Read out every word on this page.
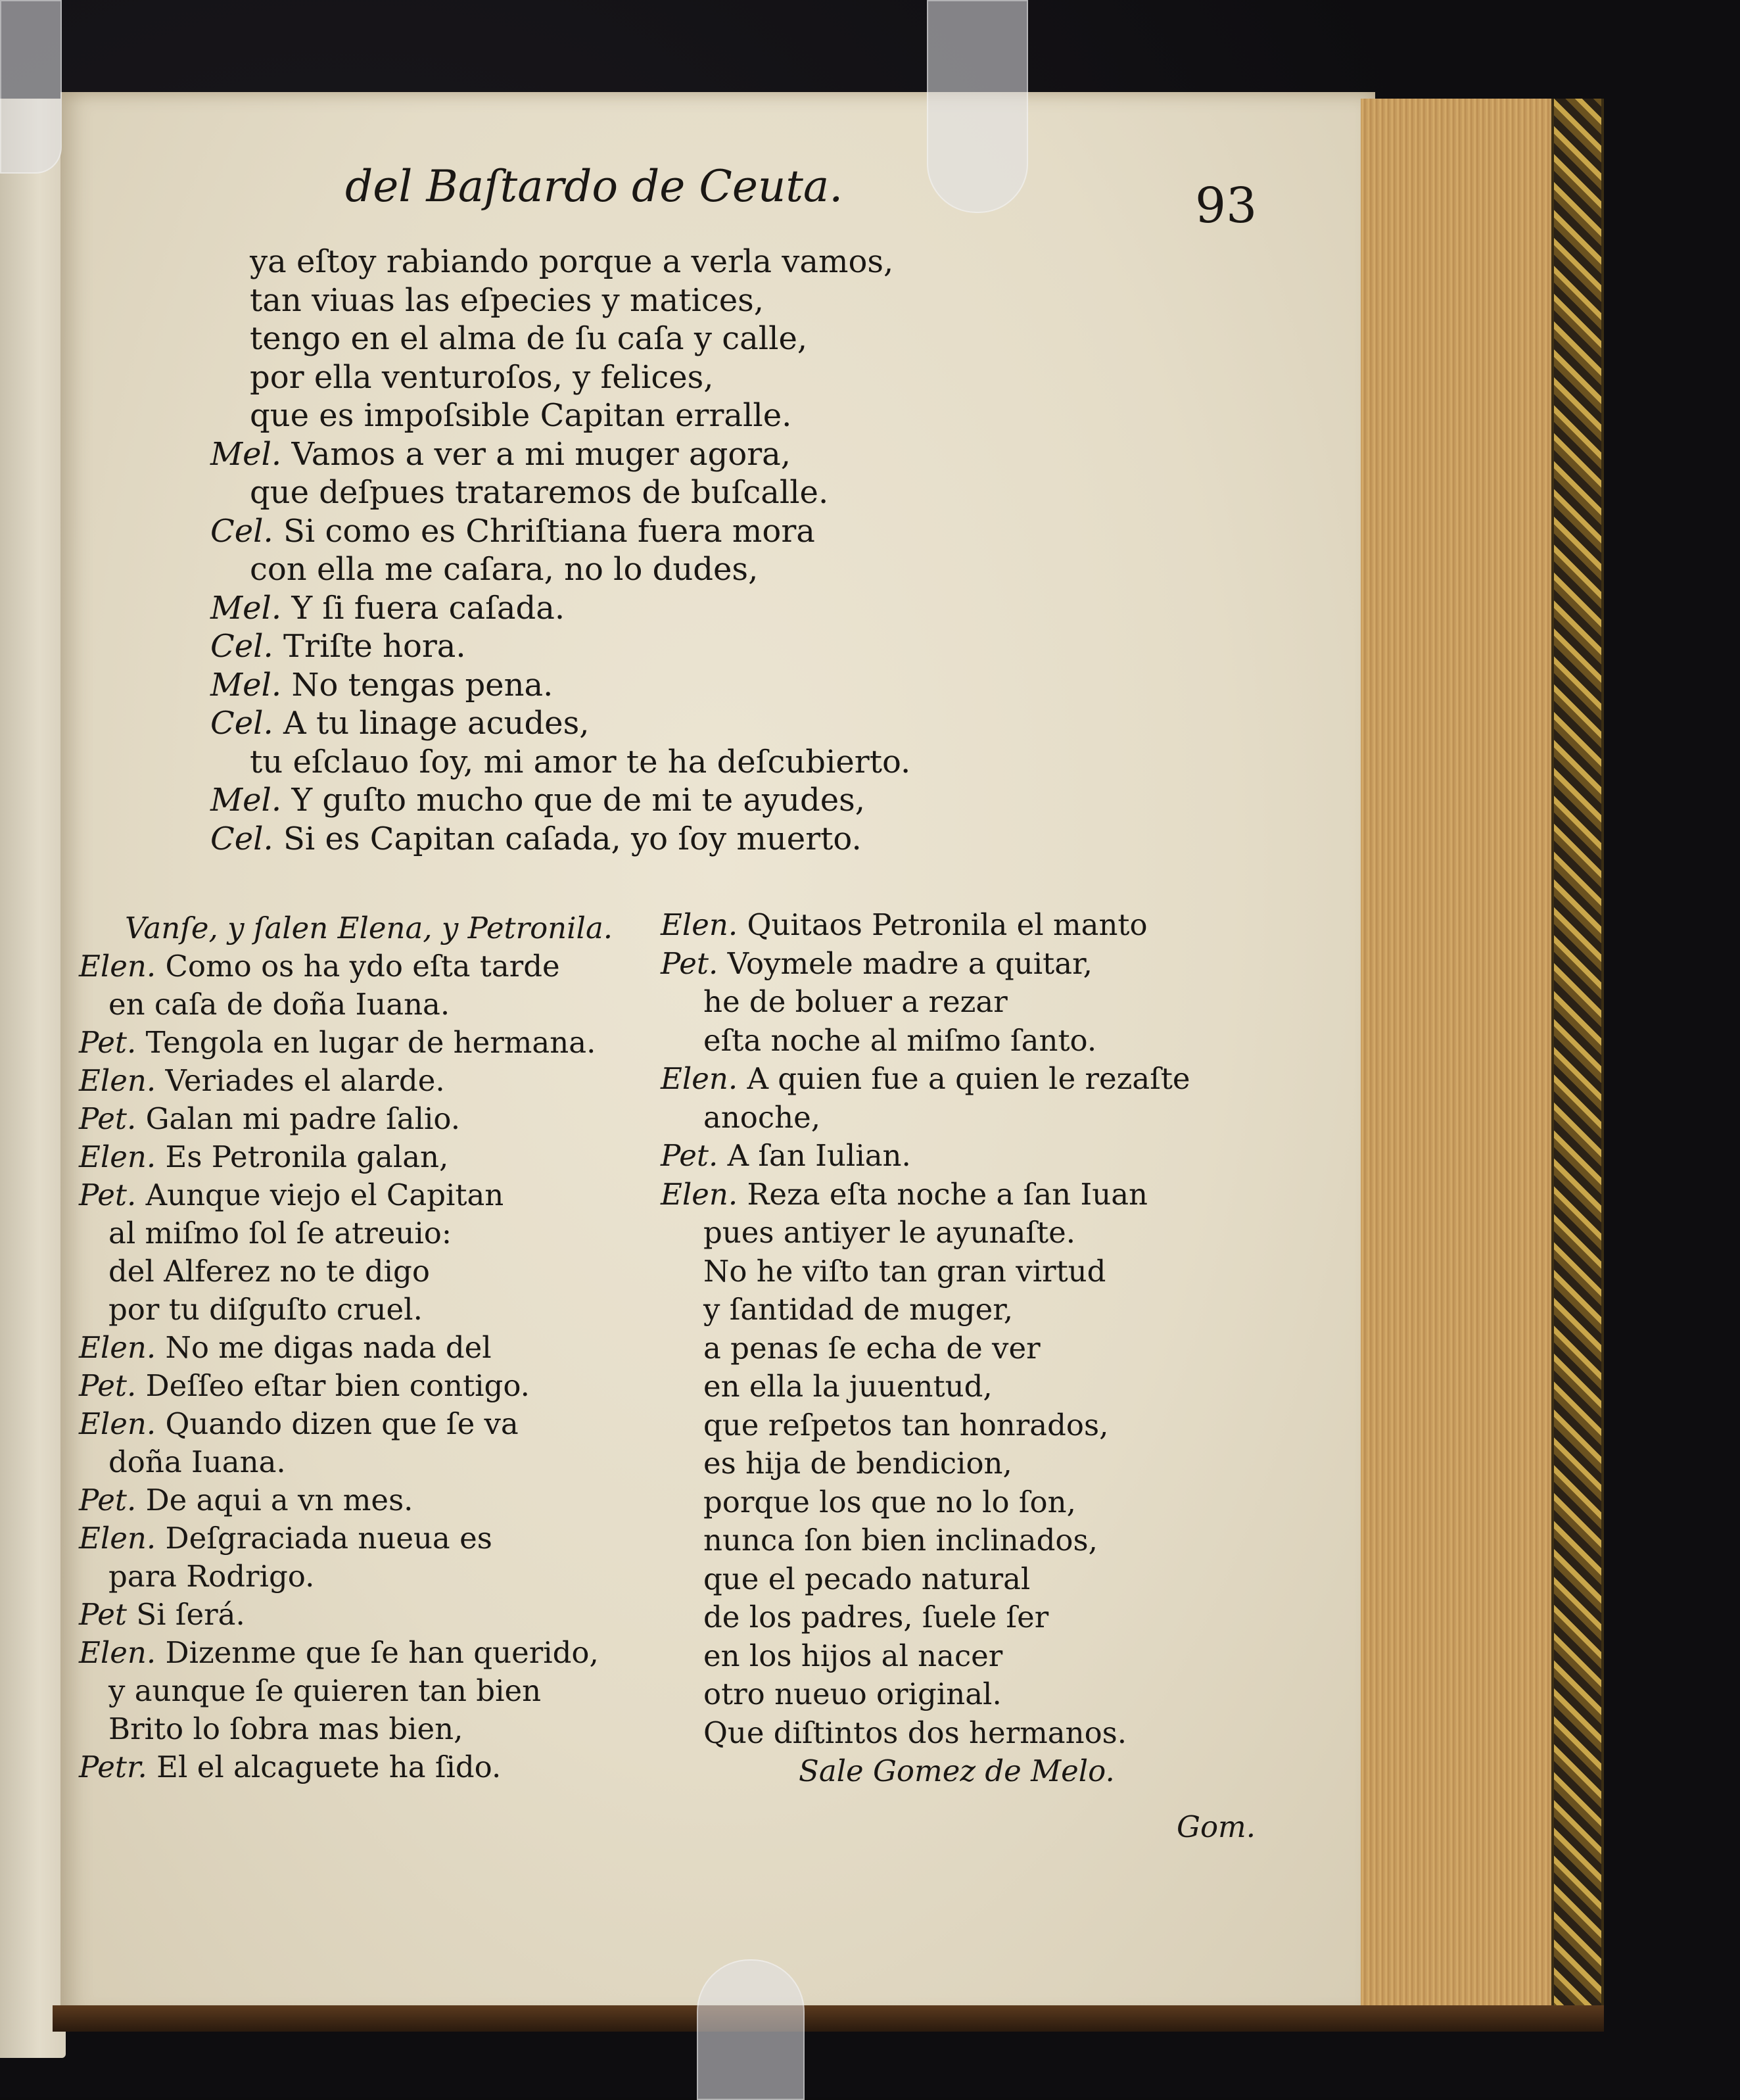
del Baſtardo de Ceuta.	93
ya eſtoy rabiando porque a verla vamos,
tan viuas las eſpecies y matices,
tengo en el alma de ſu caſa y calle,
por ella venturoſos, y felices,
que es impoſsible Capitan erralle.
Mel. Vamos a ver a mi muger agora,
que deſpues trataremos de buſcalle.
Cel. Si como es Chriſtiana fuera mora
con ella me caſara, no lo dudes,
Mel. Y ſi fuera caſada.
Cel. Triſte hora.
Mel. No tengas pena.
Cel. A tu linage acudes,
tu eſclauo ſoy, mi amor te ha deſcubierto.
Mel. Y guſto mucho que de mi te ayudes,
Cel. Si es Capitan caſada, yo ſoy muerto.
Vanſe, y ſalen Elena, y Petronila.
Elen. Como os ha ydo eſta tarde
en caſa de doña Iuana.
Pet. Tengola en lugar de hermana.
Elen. Veriades el alarde.
Pet. Galan mi padre ſalio.
Elen. Es Petronila galan,
Pet. Aunque viejo el Capitan
al miſmo ſol ſe atreuio:
del Alferez no te digo
por tu diſguſto cruel.
Elen. No me digas nada del
Pet. Deſſeo eſtar bien contigo.
Elen. Quando dizen que ſe va
doña Iuana.
Pet. De aqui a vn mes.
Elen. Deſgraciada nueua es
para Rodrigo.
Pet Si ſerá.
Elen. Dizenme que ſe han querido,
y aunque ſe quieren tan bien
Brito lo ſobra mas bien,
Petr. El el alcaguete ha ſido.
Elen. Quitaos Petronila el manto
Pet. Voymele madre a quitar,
he de boluer a rezar
eſta noche al miſmo ſanto.
Elen. A quien fue a quien le rezaſte
anoche,
Pet. A ſan Iulian.
Elen. Reza eſta noche a ſan Iuan
pues antiyer le ayunaſte.
No he viſto tan gran virtud
y ſantidad de muger,
a penas ſe echa de ver
en ella la juuentud,
que reſpetos tan honrados,
es hija de bendicion,
porque los que no lo ſon,
nunca ſon bien inclinados,
que el pecado natural
de los padres, ſuele ſer
en los hijos al nacer
otro nueuo original.
Que diſtintos dos hermanos.
Sale Gomez de Melo.
Gom.
